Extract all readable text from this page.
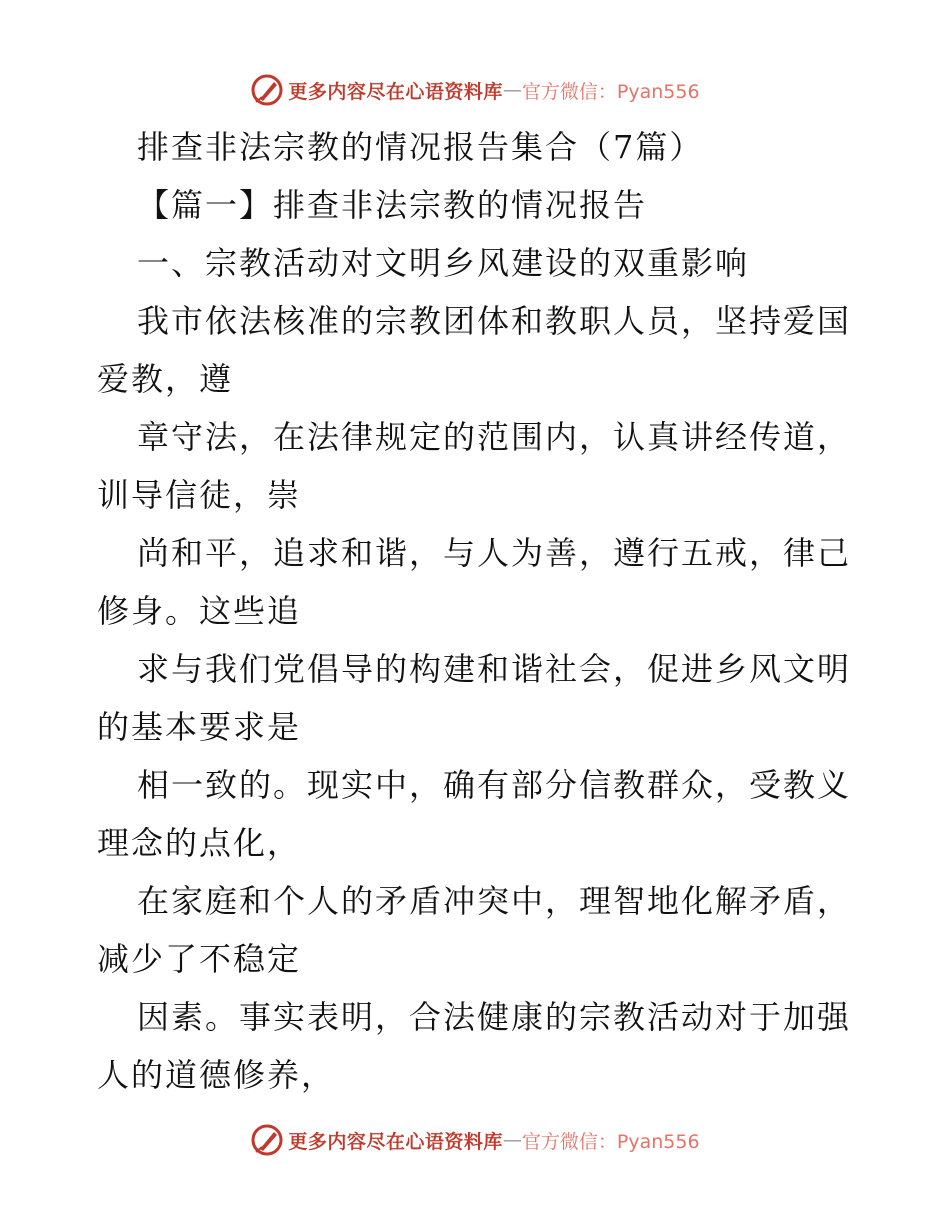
更多内容尽在心语资料库 — 官方微信：Pyan556
排查非法宗教的情况报告集合（7篇）
【篇一】排查非法宗教的情况报告
一、宗教活动对文明乡风建设的双重影响
我市依法核准的宗教团体和教职人员，坚持爱国
爱教，遵
章守法，在法律规定的范围内，认真讲经传道，
训导信徒，崇
尚和平，追求和谐，与人为善，遵行五戒，律己
修身。这些追
求与我们党倡导的构建和谐社会，促进乡风文明
的基本要求是
相一致的。现实中，确有部分信教群众，受教义
理念的点化，
在家庭和个人的矛盾冲突中，理智地化解矛盾，
减少了不稳定
因素。事实表明，合法健康的宗教活动对于加强
人的道德修养，
更多内容尽在心语资料库 — 官方微信：Pyan556
